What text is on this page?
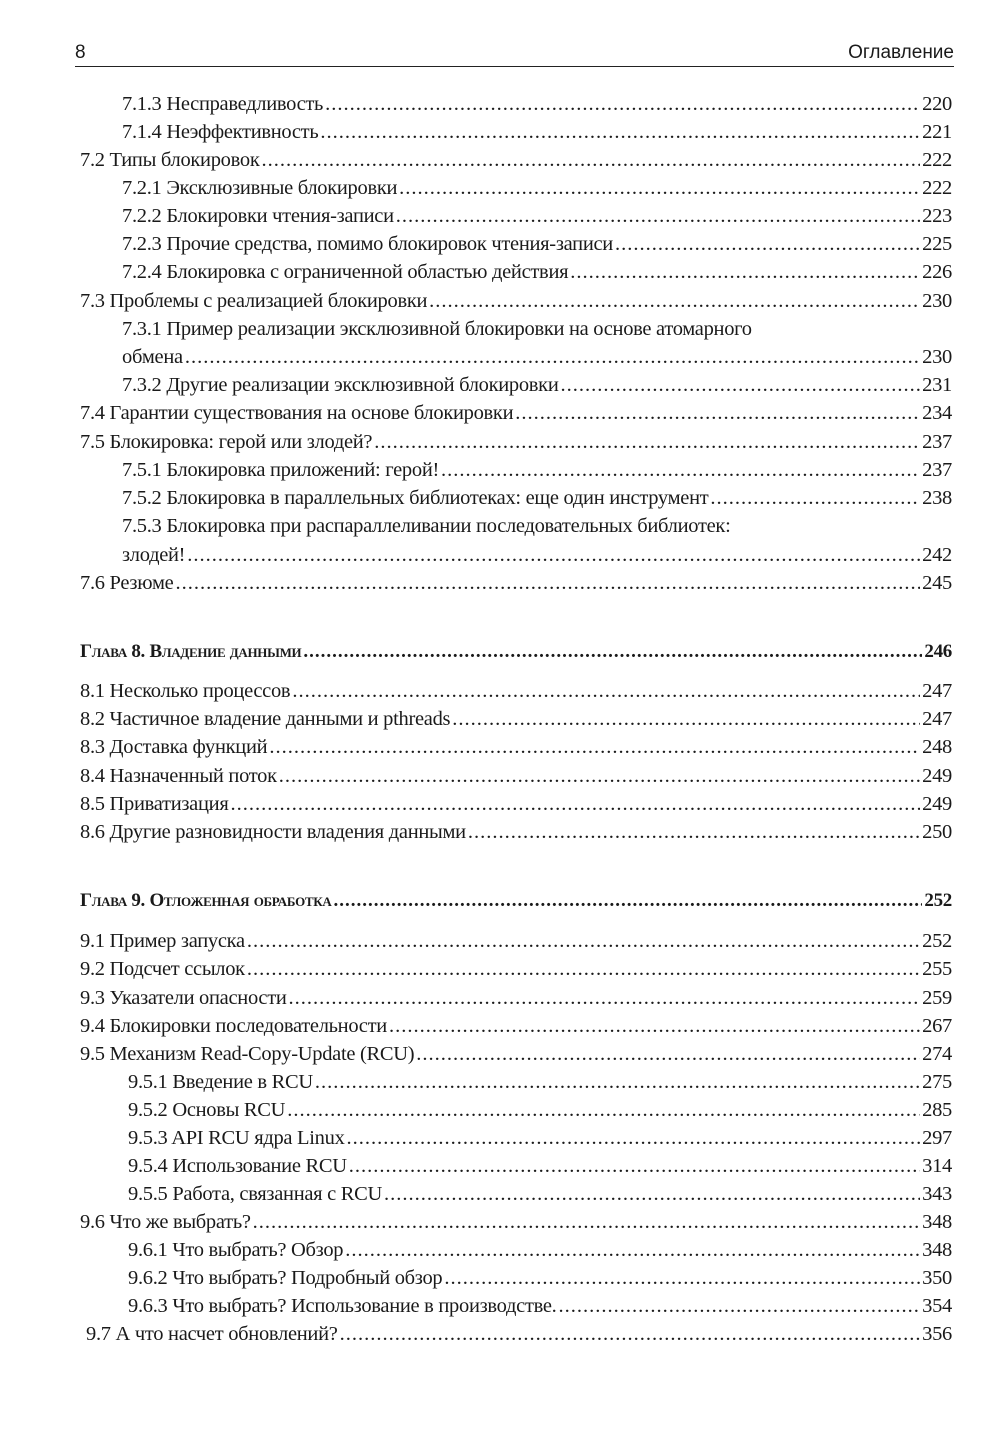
8	Оглавление
7.1.3 Несправедливость .....	220
7.1.4 Неэффективность .....	221
7.2 Типы блокировок .....	222
7.2.1 Эксклюзивные блокировки .....	222
7.2.2 Блокировки чтения-записи .....	223
7.2.3 Прочие средства, помимо блокировок чтения-записи .....	225
7.2.4 Блокировка с ограниченной областью действия .....	226
7.3 Проблемы с реализацией блокировки .....	230
7.3.1 Пример реализации эксклюзивной блокировки на основе атомарного
обмена .....	230
7.3.2 Другие реализации эксклюзивной блокировки .....	231
7.4 Гарантии существования на основе блокировки .....	234
7.5 Блокировка: герой или злодей? .....	237
7.5.1 Блокировка приложений: герой! .....	237
7.5.2 Блокировка в параллельных библиотеках: еще один инструмент .....	238
7.5.3 Блокировка при распараллеливании последовательных библиотек:
злодей! .....	242
7.6 Резюме .....	245
Глава 8. Владение данными .....	246
8.1 Несколько процессов .....	247
8.2 Частичное владение данными и pthreads .....	247
8.3 Доставка функций .....	248
8.4 Назначенный поток .....	249
8.5 Приватизация .....	249
8.6 Другие разновидности владения данными .....	250
Глава 9. Отложенная обработка .....	252
9.1 Пример запуска .....	252
9.2 Подсчет ссылок .....	255
9.3 Указатели опасности .....	259
9.4 Блокировки последовательности .....	267
9.5 Механизм Read-Copy-Update (RCU) .....	274
9.5.1 Введение в RCU .....	275
9.5.2 Основы RCU .....	285
9.5.3 API RCU ядра Linux .....	297
9.5.4 Использование RCU .....	314
9.5.5 Работа, связанная с RCU .....	343
9.6 Что же выбрать? .....	348
9.6.1 Что выбрать? Обзор .....	348
9.6.2 Что выбрать? Подробный обзор .....	350
9.6.3 Что выбрать? Использование в производстве. .....	354
9.7 А что насчет обновлений? .....	356
